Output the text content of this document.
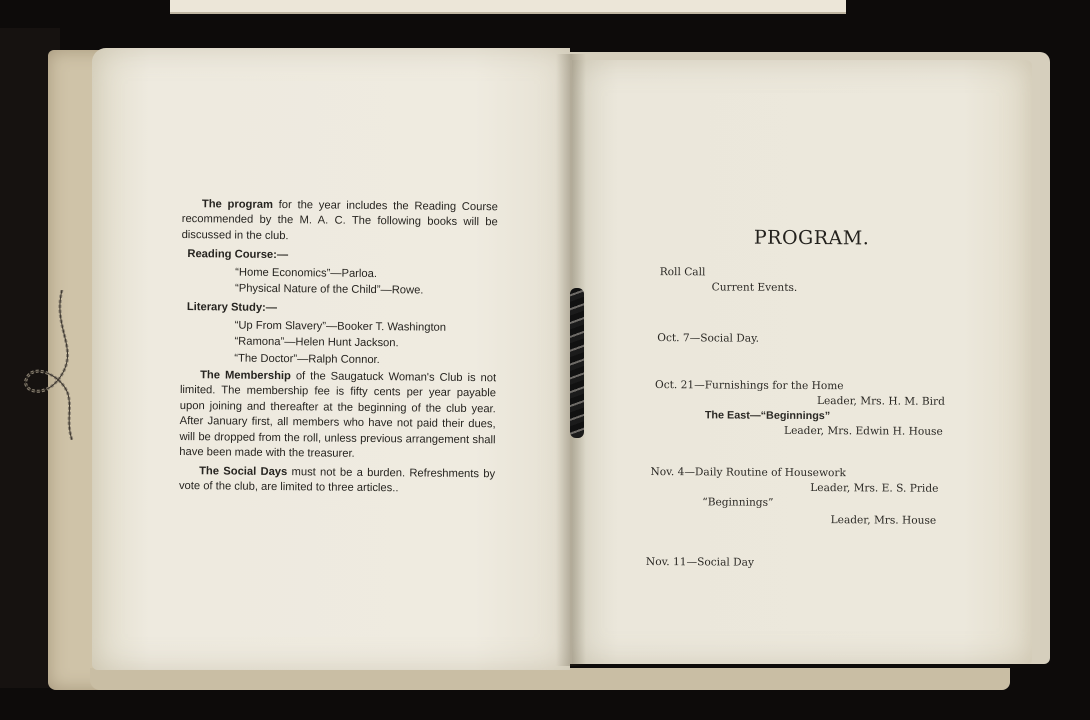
The program for the year includes the Reading Course recommended by the M. A. C. The following books will be discussed in the club.

Reading Course:—
“Home Economics”—Parloa.
“Physical Nature of the Child”—Rowe.
Literary Study:—
“Up From Slavery”—Booker T. Washington
“Ramona”—Helen Hunt Jackson.
“The Doctor”—Ralph Connor.

The Membership of the Saugatuck Woman's Club is not limited. The membership fee is fifty cents per year payable upon joining and thereafter at the beginning of the club year. After January first, all members who have not paid their dues, will be dropped from the roll, unless previous arrangement shall have been made with the treasurer.

The Social Days must not be a burden. Refreshments by vote of the club, are limited to three articles..

PROGRAM.
Roll Call
Current Events.
Oct. 7—Social Day.
Oct. 21—Furnishings for the Home
Leader, Mrs. H. M. Bird
The East—“Beginnings”
Leader, Mrs. Edwin H. House
Nov. 4—Daily Routine of Housework
Leader, Mrs. E. S. Pride
“Beginnings”
Leader, Mrs. House
Nov. 11—Social Day
